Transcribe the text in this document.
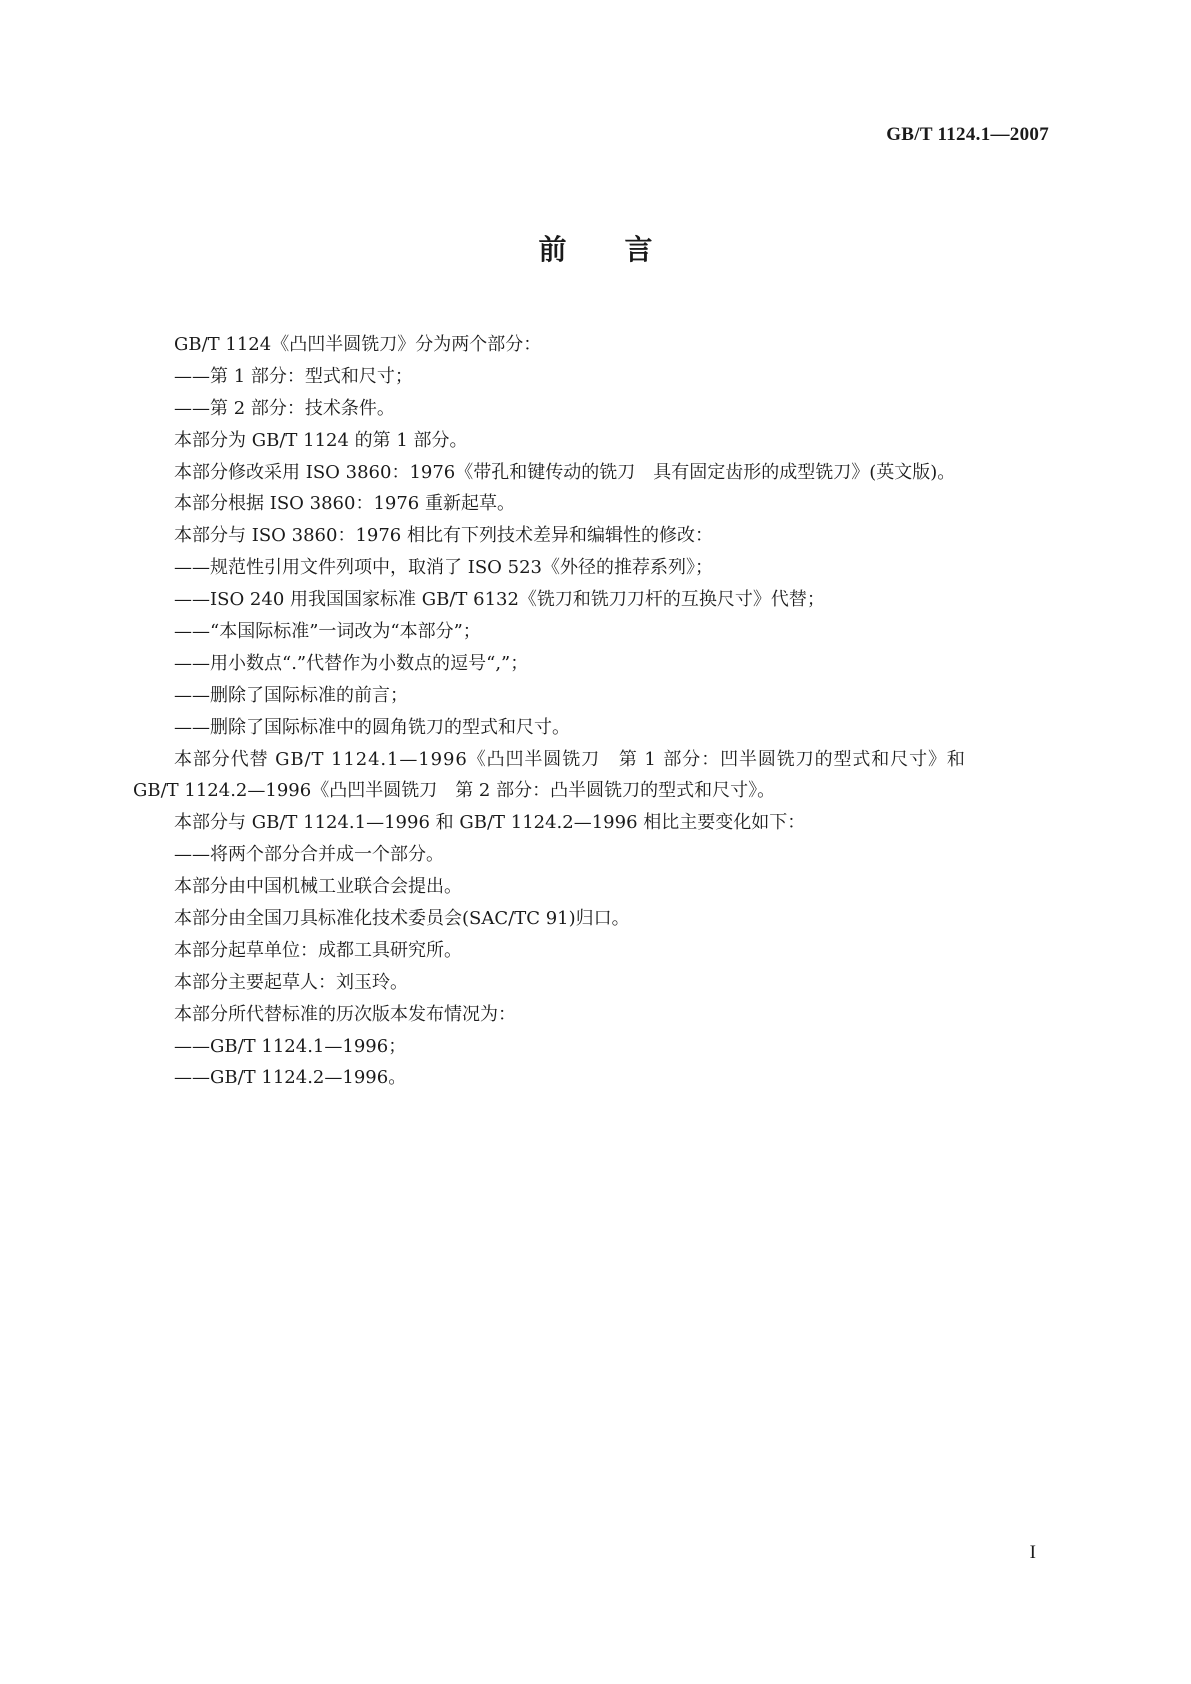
GB/T 1124.1—2007
前言
GB/T 1124《凸凹半圆铣刀》分为两个部分：
——第 1 部分：型式和尺寸；
——第 2 部分：技术条件。
本部分为 GB/T 1124 的第 1 部分。
本部分修改采用 ISO 3860：1976《带孔和键传动的铣刀　具有固定齿形的成型铣刀》(英文版)。
本部分根据 ISO 3860：1976 重新起草。
本部分与 ISO 3860：1976 相比有下列技术差异和编辑性的修改：
——规范性引用文件列项中，取消了 ISO 523《外径的推荐系列》；
——ISO 240 用我国国家标准 GB/T 6132《铣刀和铣刀刀杆的互换尺寸》代替；
——“本国际标准”一词改为“本部分”；
——用小数点“.”代替作为小数点的逗号“,”；
——删除了国际标准的前言；
——删除了国际标准中的圆角铣刀的型式和尺寸。
本部分代替 GB/T 1124.1—1996《凸凹半圆铣刀　第 1 部分：凹半圆铣刀的型式和尺寸》和
GB/T 1124.2—1996《凸凹半圆铣刀　第 2 部分：凸半圆铣刀的型式和尺寸》。
本部分与 GB/T 1124.1—1996 和 GB/T 1124.2—1996 相比主要变化如下：
——将两个部分合并成一个部分。
本部分由中国机械工业联合会提出。
本部分由全国刀具标准化技术委员会(SAC/TC 91)归口。
本部分起草单位：成都工具研究所。
本部分主要起草人：刘玉玲。
本部分所代替标准的历次版本发布情况为：
——GB/T 1124.1—1996；
——GB/T 1124.2—1996。
I
